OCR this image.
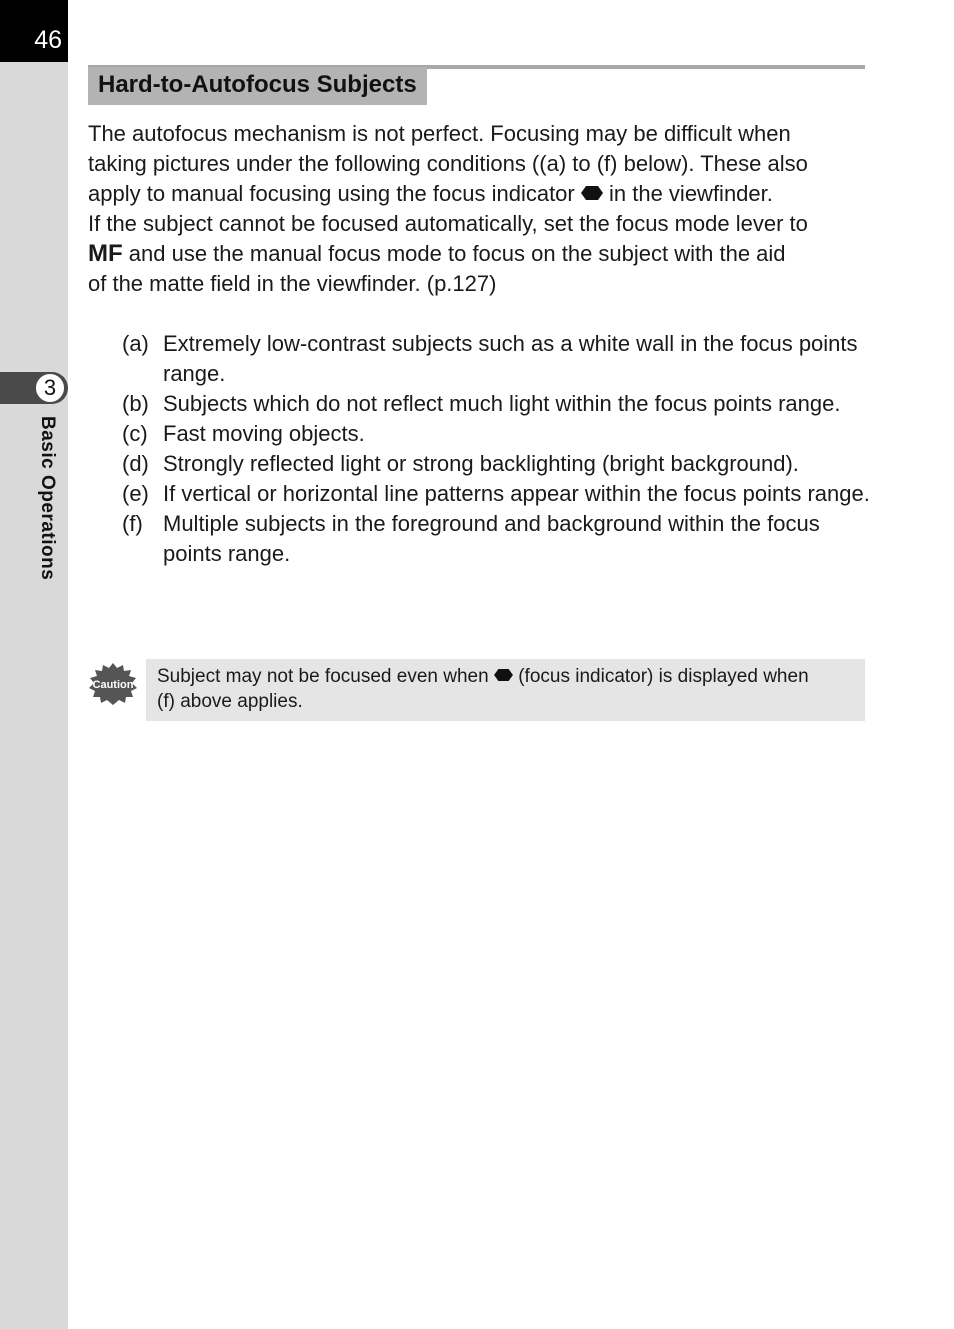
46
3
Basic Operations
Hard-to-Autofocus Subjects

The autofocus mechanism is not perfect. Focusing may be difficult when

taking pictures under the following conditions ((a) to (f) below). These also

apply to manual focusing using the focus indicator in the viewfinder.

If the subject cannot be focused automatically, set the focus mode lever to

MF and use the manual focus mode to focus on the subject with the aid

of the matte field in the viewfinder. (p.127)

(a) Extremely low-contrast subjects such as a white wall in the focus points range.
(b) Subjects which do not reflect much light within the focus points range.
(c) Fast moving objects.
(d) Strongly reflected light or strong backlighting (bright background).
(e) If vertical or horizontal line patterns appear within the focus points range.
(f) Multiple subjects in the foreground and background within the focus points range.
Caution Subject may not be focused even when (focus indicator) is displayed when

(f) above applies.
